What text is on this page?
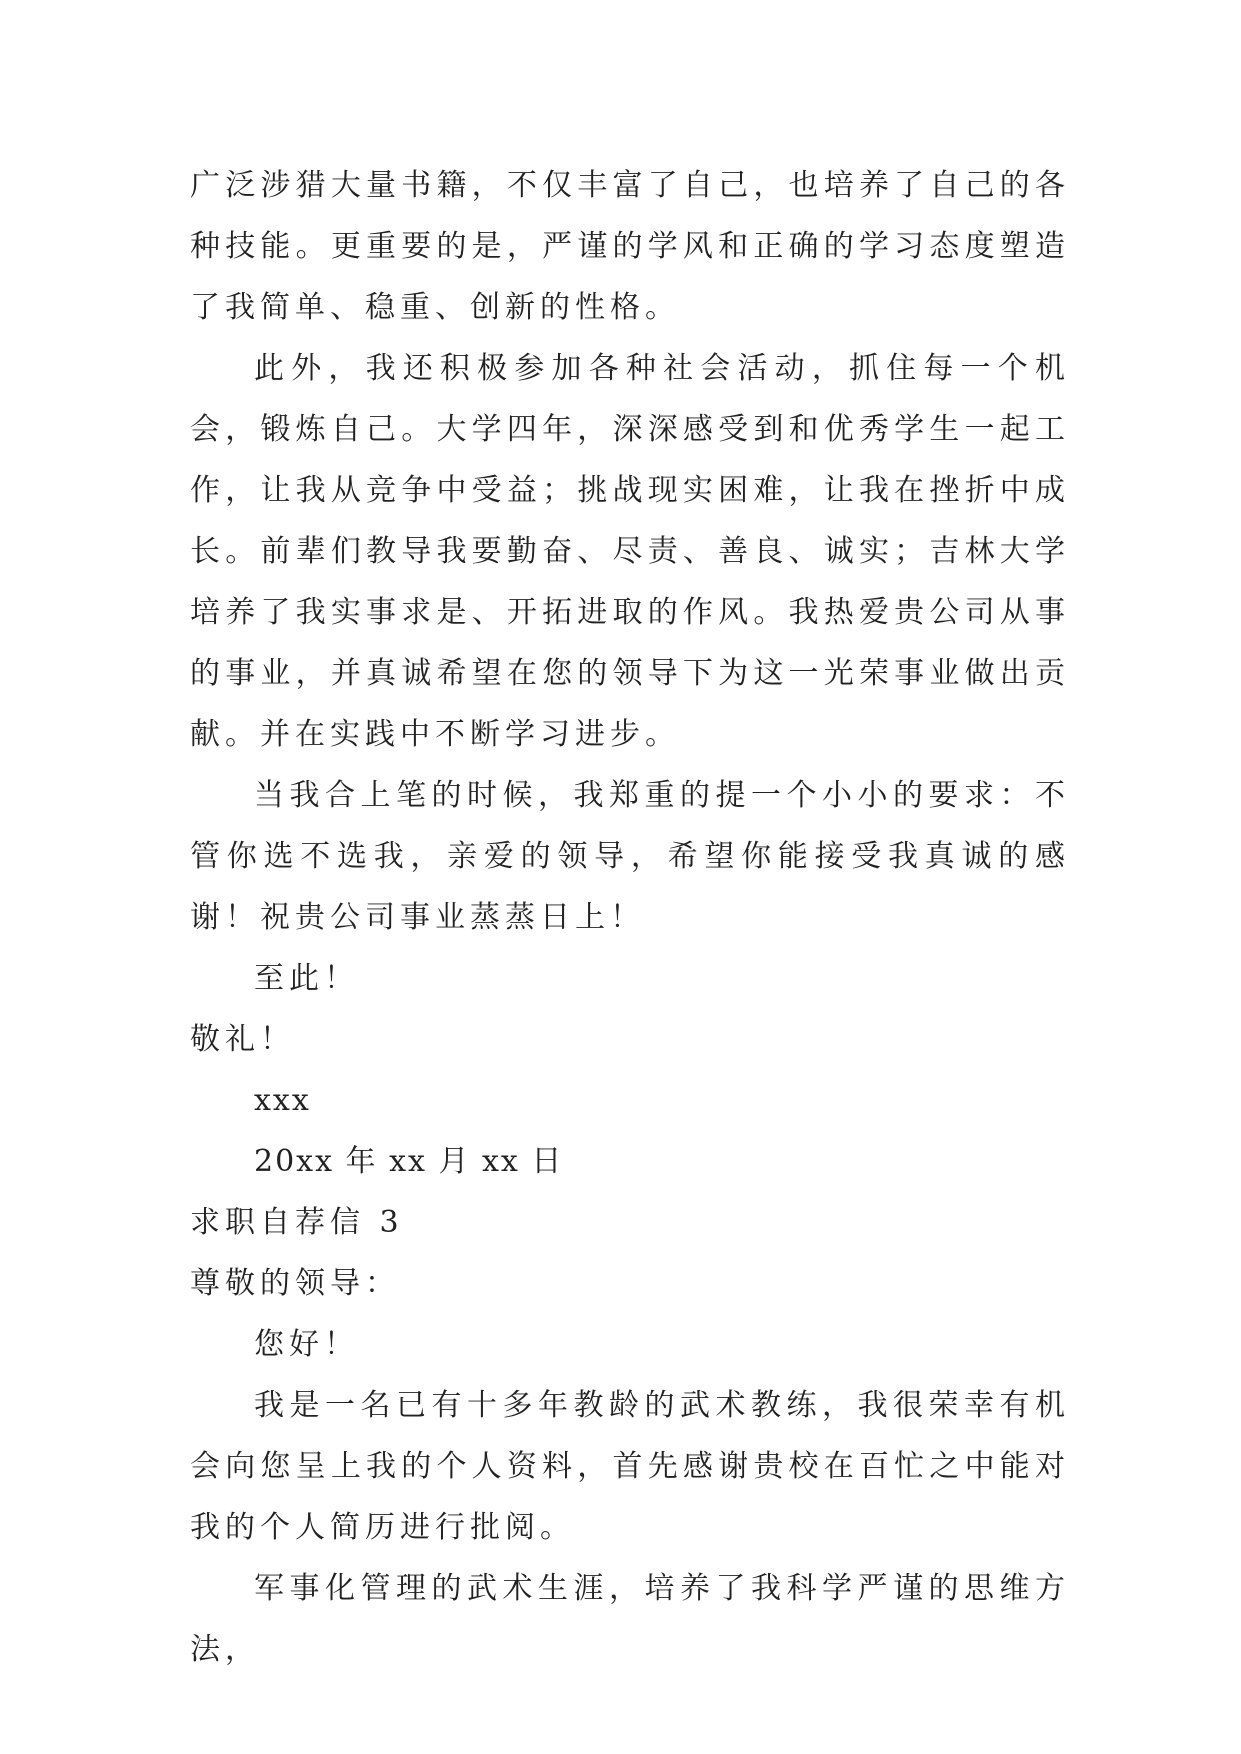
广泛涉猎大量书籍，不仅丰富了自己，也培养了自己的各种技能。更重要的是，严谨的学风和正确的学习态度塑造了我简单、稳重、创新的性格。

此外，我还积极参加各种社会活动，抓住每一个机会，锻炼自己。大学四年，深深感受到和优秀学生一起工作，让我从竞争中受益；挑战现实困难，让我在挫折中成长。前辈们教导我要勤奋、尽责、善良、诚实；吉林大学培养了我实事求是、开拓进取的作风。我热爱贵公司从事的事业，并真诚希望在您的领导下为这一光荣事业做出贡献。并在实践中不断学习进步。

当我合上笔的时候，我郑重的提一个小小的要求：不管你选不选我，亲爱的领导，希望你能接受我真诚的感谢！祝贵公司事业蒸蒸日上！

至此！

敬礼！

xxx

20xx 年 xx 月 xx 日

求职自荐信 3

尊敬的领导：

您好！

我是一名已有十多年教龄的武术教练，我很荣幸有机会向您呈上我的个人资料，首先感谢贵校在百忙之中能对我的个人简历进行批阅。

军事化管理的武术生涯，培养了我科学严谨的思维方法，
